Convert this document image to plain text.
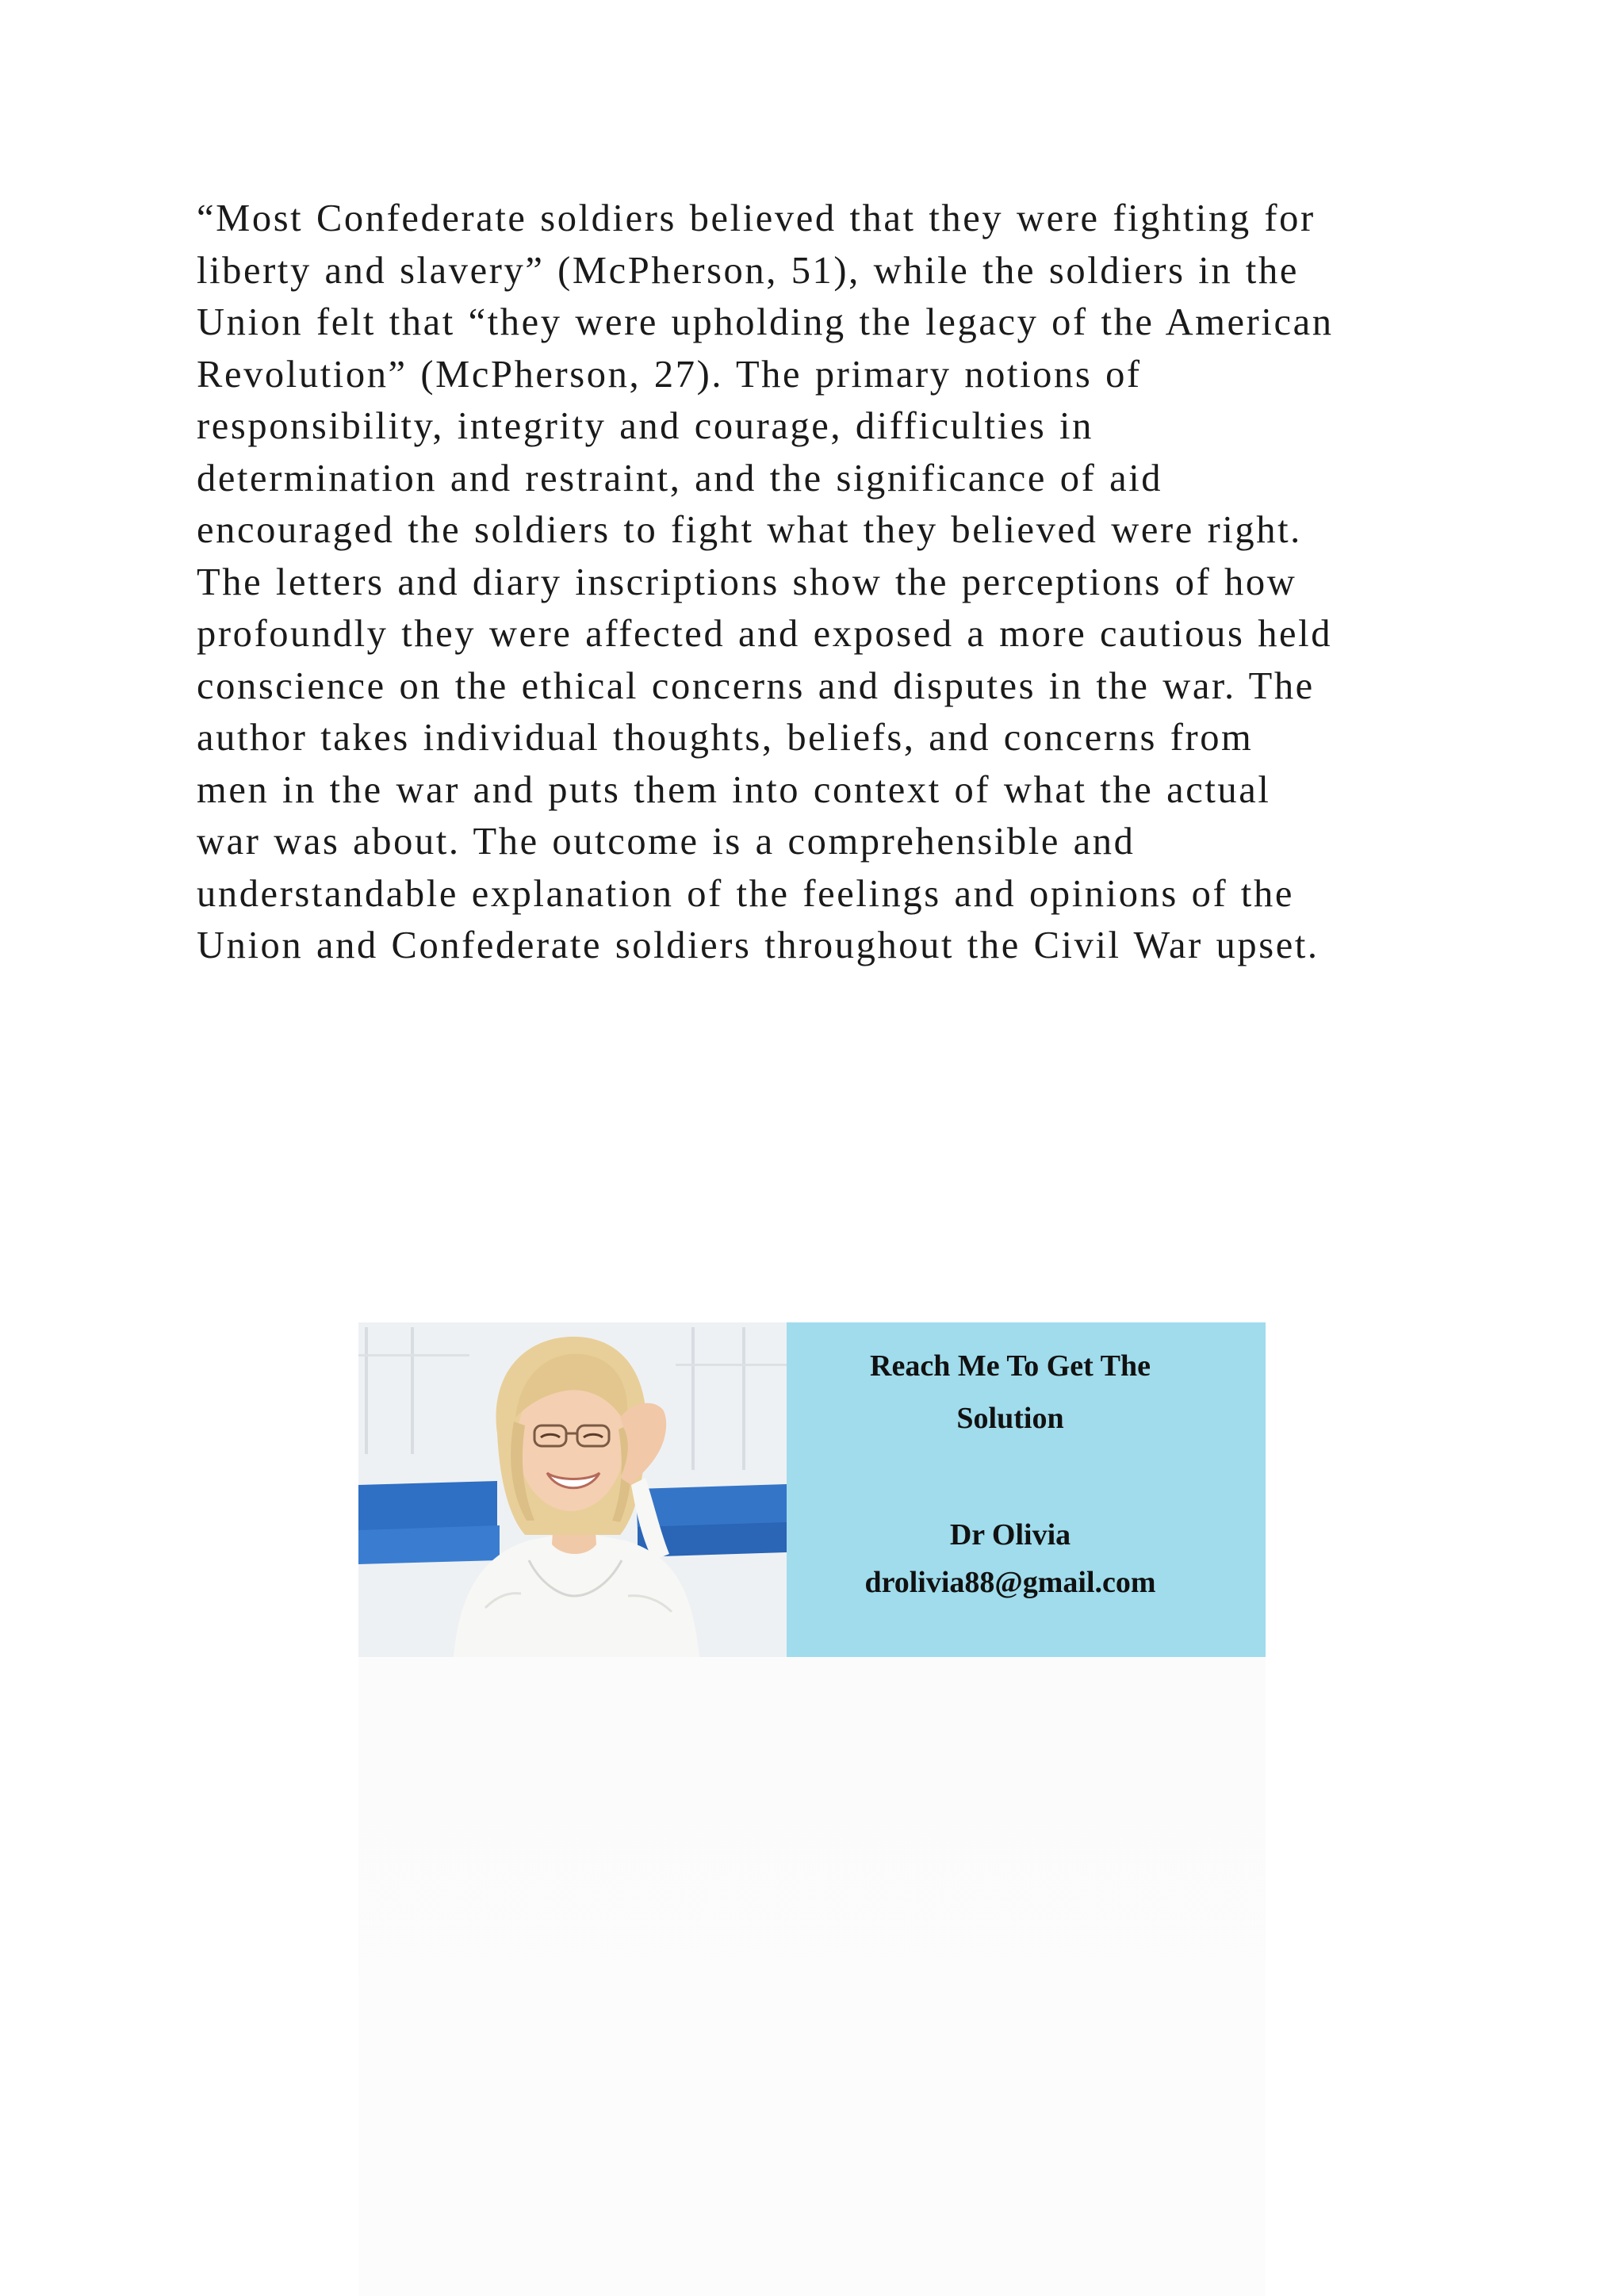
“Most Confederate soldiers believed that they were fighting for
liberty and slavery” (McPherson, 51), while the soldiers in the
Union felt that “they were upholding the legacy of the American
Revolution” (McPherson, 27). The primary notions of
responsibility, integrity and courage, difficulties in
determination and restraint, and the significance of aid
encouraged the soldiers to fight what they believed were right.
The letters and diary inscriptions show the perceptions of how
profoundly they were affected and exposed a more cautious held
conscience on the ethical concerns and disputes in the war. The
author takes individual thoughts, beliefs, and concerns from
men in the war and puts them into context of what the actual
war was about. The outcome is a comprehensible and
understandable explanation of the feelings and opinions of the
Union and Confederate soldiers throughout the Civil War upset.
Reach Me To Get The
Solution
Dr Olivia
drolivia88@gmail.com
